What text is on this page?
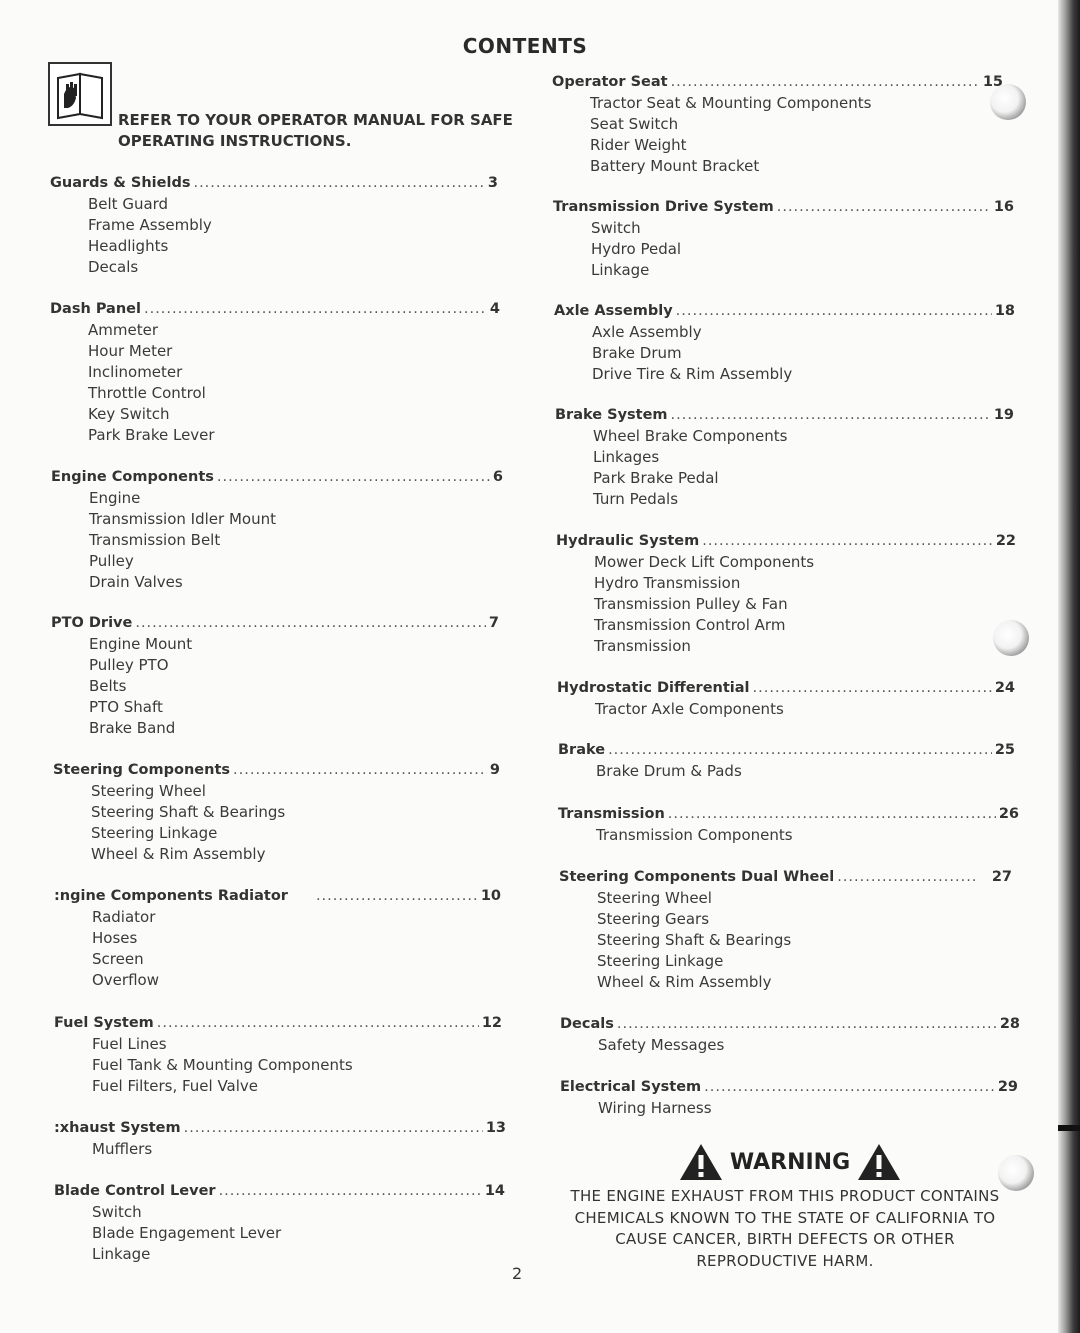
CONTENTS
REFER TO YOUR OPERATOR MANUAL FOR SAFE OPERATING INSTRUCTIONS.
Guards & Shields .....	3
Belt Guard
Frame Assembly
Headlights
Decals
Dash Panel .....	4
Ammeter
Hour Meter
Inclinometer
Throttle Control
Key Switch
Park Brake Lever
Engine Components .....	6
Engine
Transmission Idler Mount
Transmission Belt
Pulley
Drain Valves
PTO Drive .....	7
Engine Mount
Pulley PTO
Belts
PTO Shaft
Brake Band
Steering Components .....	9
Steering Wheel
Steering Shaft & Bearings
Steering Linkage
Wheel & Rim Assembly
:ngine Components Radiator .....	10
Radiator
Hoses
Screen
Overflow
Fuel System .....	12
Fuel Lines
Fuel Tank & Mounting Components
Fuel Filters, Fuel Valve
:xhaust System .....	13
Mufflers
Blade Control Lever .....	14
Switch
Blade Engagement Lever
Linkage
Operator Seat .....	15
Tractor Seat & Mounting Components
Seat Switch
Rider Weight
Battery Mount Bracket
Transmission Drive System .....	16
Switch
Hydro Pedal
Linkage
Axle Assembly .....	18
Axle Assembly
Brake Drum
Drive Tire & Rim Assembly
Brake System .....	19
Wheel Brake Components
Linkages
Park Brake Pedal
Turn Pedals
Hydraulic System .....	22
Mower Deck Lift Components
Hydro Transmission
Transmission Pulley & Fan
Transmission Control Arm
Transmission
Hydrostatic Differential .....	24
Tractor Axle Components
Brake .....	25
Brake Drum & Pads
Transmission .....	26
Transmission Components
Steering Components Dual Wheel .....	27
Steering Wheel
Steering Gears
Steering Shaft & Bearings
Steering Linkage
Wheel & Rim Assembly
Decals .....	28
Safety Messages
Electrical System .....	29
Wiring Harness
WARNING
THE ENGINE EXHAUST FROM THIS PRODUCT CONTAINS CHEMICALS KNOWN TO THE STATE OF CALIFORNIA TO CAUSE CANCER, BIRTH DEFECTS OR OTHER REPRODUCTIVE HARM.
2
